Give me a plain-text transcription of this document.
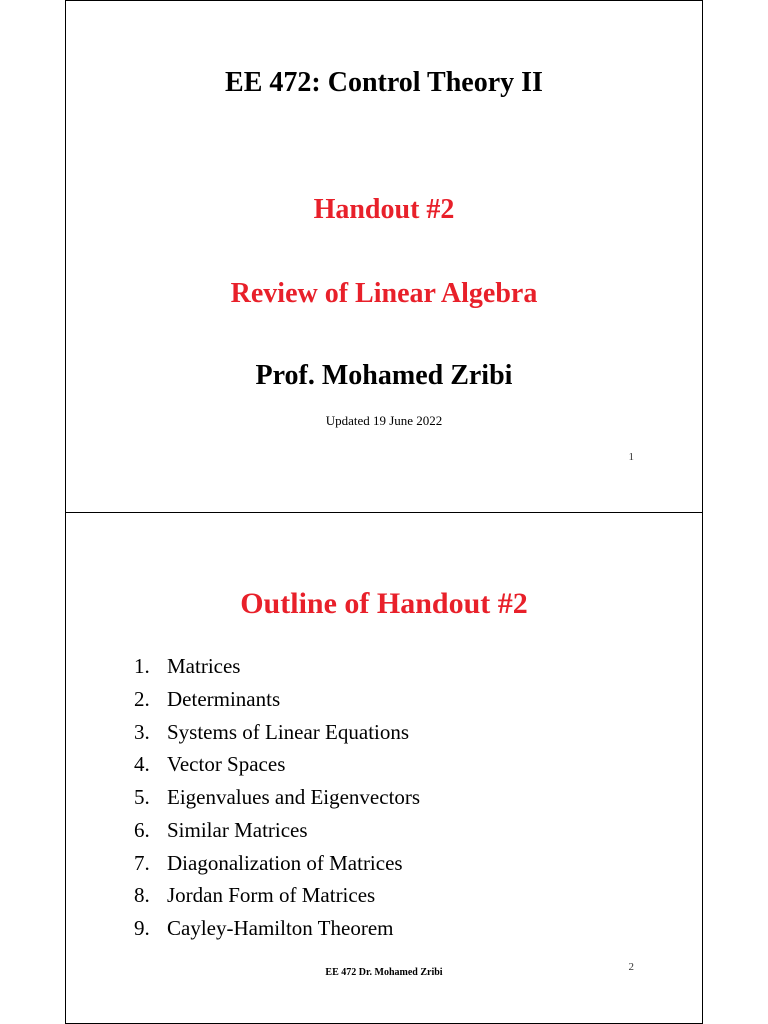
EE 472: Control Theory II
Handout #2
Review of Linear Algebra
Prof. Mohamed Zribi
Updated 19 June 2022
1
Outline of Handout #2
1. Matrices
2. Determinants
3. Systems of Linear Equations
4. Vector Spaces
5. Eigenvalues and Eigenvectors
6. Similar Matrices
7. Diagonalization of Matrices
8. Jordan Form of Matrices
9. Cayley-Hamilton Theorem
EE 472 Dr. Mohamed Zribi	2
